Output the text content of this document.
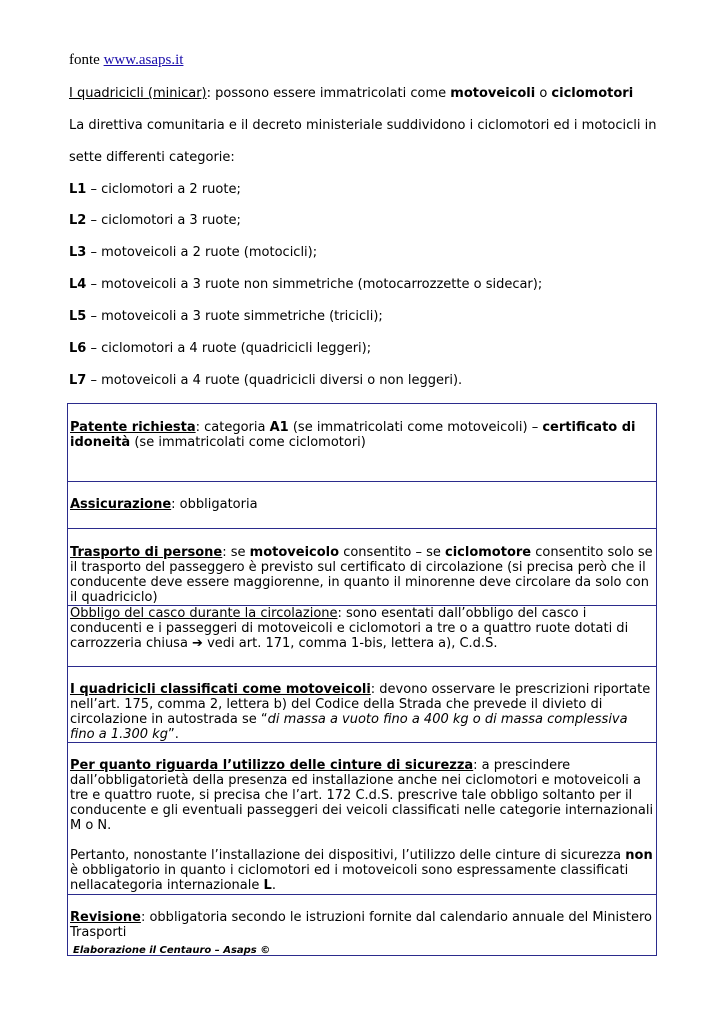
fonte www.asaps.it
I quadricicli (minicar): possono essere immatricolati come motoveicoli o ciclomotori
La direttiva comunitaria e il decreto ministeriale suddividono i ciclomotori ed i motocicli in
sette differenti categorie:
L1 – ciclomotori a 2 ruote;
L2 – ciclomotori a 3 ruote;
L3 – motoveicoli a 2 ruote (motocicli);
L4 – motoveicoli a 3 ruote non simmetriche (motocarrozzette o sidecar);
L5 – motoveicoli a 3 ruote simmetriche (tricicli);
L6 – ciclomotori a 4 ruote (quadricicli leggeri);
L7 – motoveicoli a 4 ruote (quadricicli diversi o non leggeri).
Patente richiesta: categoria A1 (se immatricolati come motoveicoli) – certificato di idoneità (se immatricolati come ciclomotori)
Assicurazione: obbligatoria
Trasporto di persone: se motoveicolo consentito – se ciclomotore consentito solo se il trasporto del passeggero è previsto sul certificato di circolazione (si precisa però che il conducente deve essere maggiorenne, in quanto il minorenne deve circolare da solo con il quadriciclo)
Obbligo del casco durante la circolazione: sono esentati dall’obbligo del casco i conducenti e i passeggeri di motoveicoli e ciclomotori a tre o a quattro ruote dotati di carrozzeria chiusa ➔ vedi art. 171, comma 1-bis, lettera a), C.d.S.
I quadricicli classificati come motoveicoli: devono osservare le prescrizioni riportate nell’art. 175, comma 2, lettera b) del Codice della Strada che prevede il divieto di circolazione in autostrada se “di massa a vuoto fino a 400 kg o di massa complessiva fino a 1.300 kg”.

Per quanto riguarda l’utilizzo delle cinture di sicurezza: a prescindere dall’obbligatorietà della presenza ed installazione anche nei ciclomotori e motoveicoli a tre e quattro ruote, si precisa che l’art. 172 C.d.S. prescrive tale obbligo soltanto per il conducente e gli eventuali passeggeri dei veicoli classificati nelle categorie internazionali M o N.

Pertanto, nonostante l’installazione dei dispositivi, l’utilizzo delle cinture di sicurezza non è obbligatorio in quanto i ciclomotori ed i motoveicoli sono espressamente classificati nellacategoria internazionale L.

Revisione: obbligatoria secondo le istruzioni fornite dal calendario annuale del Ministero Trasporti
Elaborazione il Centauro – Asaps ©
